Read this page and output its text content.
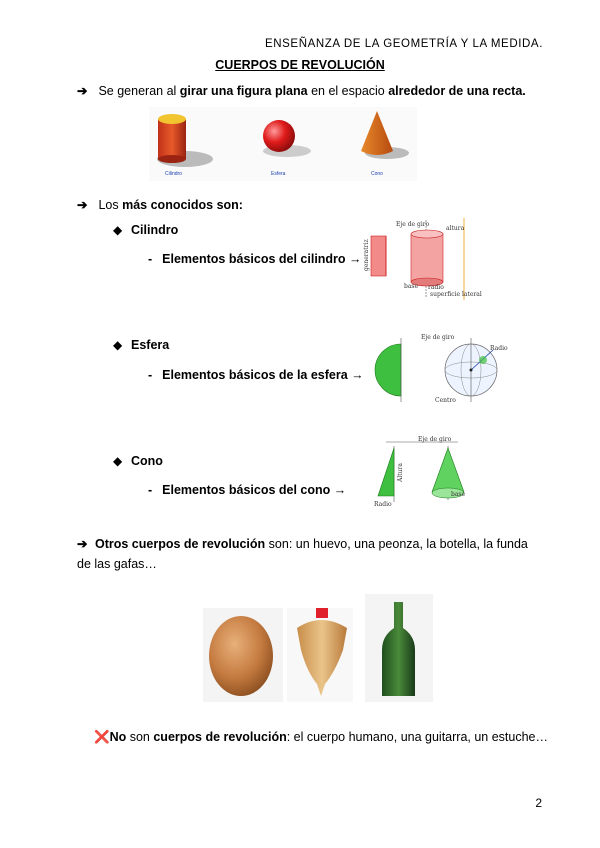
ENSEÑANZA DE LA GEOMETRÍA Y LA MEDIDA.
CUERPOS DE REVOLUCIÓN
➔ Se generan al girar una figura plana en el espacio alrededor de una recta.
Cilindro	Esfera	Cono
➔ Los más conocidos son:
◆ Cilindro
- Elementos básicos del cilindro →
Eje de giro
generatriz
base radio
superficie lateral
altura
◆ Esfera
- Elementos básicos de la esfera →
Eje de giro
Radio
Centro
◆ Cono
- Elementos básicos del cono →
Eje de giro
Altura
Radio
base
➔ Otros cuerpos de revolución son: un huevo, una peonza, la botella, la funda de las gafas…
❌No son cuerpos de revolución: el cuerpo humano, una guitarra, un estuche…
2
